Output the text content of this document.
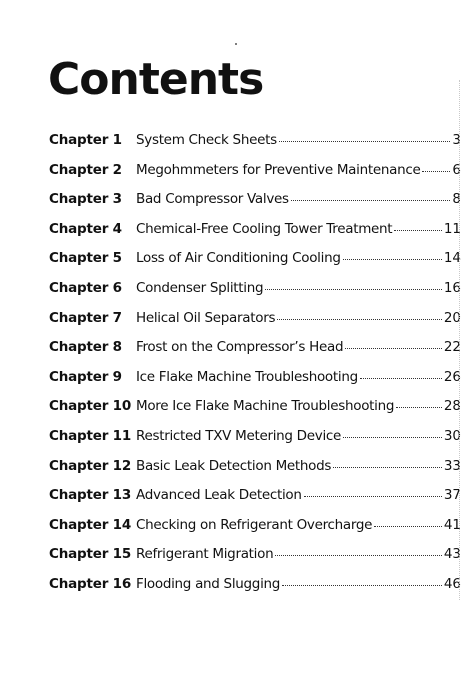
Contents
Chapter 1	System Check Sheets	3
Chapter 2	Megohmmeters for Preventive Maintenance 6
Chapter 3	Bad Compressor Valves	8
Chapter 4	Chemical-Free Cooling Tower Treatment	11
Chapter 5	Loss of Air Conditioning Cooling	14
Chapter 6	Condenser Splitting	16
Chapter 7	Helical Oil Separators	20
Chapter 8	Frost on the Compressor’s Head	22
Chapter 9	Ice Flake Machine Troubleshooting	26
Chapter 10 More Ice Flake Machine Troubleshooting	28
Chapter 11 Restricted TXV Metering Device	30
Chapter 12 Basic Leak Detection Methods	33
Chapter 13 Advanced Leak Detection	37
Chapter 14 Checking on Refrigerant Overcharge	41
Chapter 15 Refrigerant Migration	43
Chapter 16 Flooding and Slugging	46
